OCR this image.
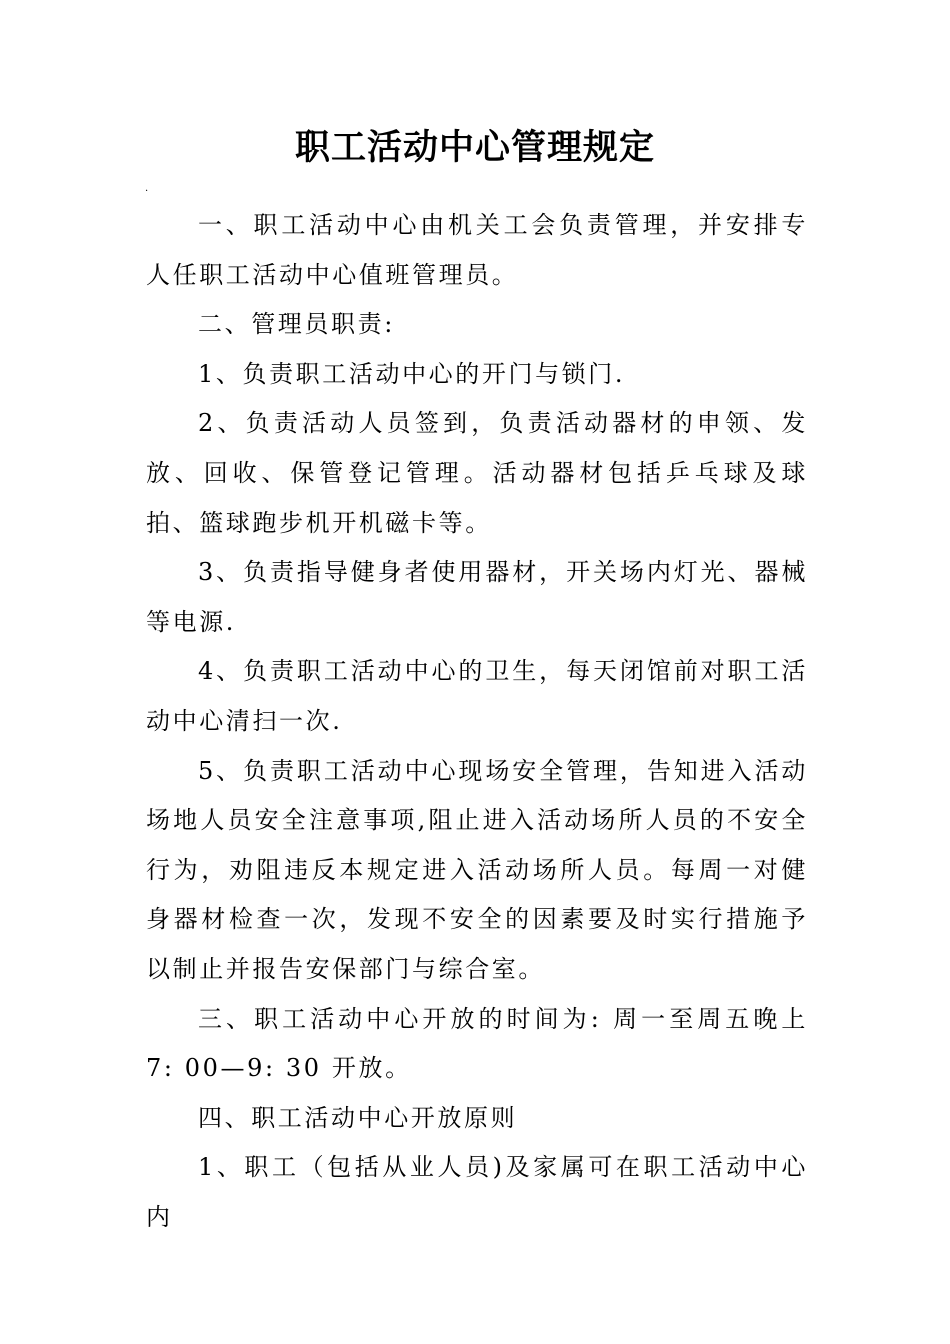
职工活动中心管理规定
.

一、职工活动中心由机关工会负责管理，并安排专人任职工活动中心值班管理员。

二、管理员职责:

1、负责职工活动中心的开门与锁门.

2、负责活动人员签到，负责活动器材的申领、发放、回收、保管登记管理。活动器材包括乒乓球及球拍、篮球跑步机开机磁卡等。

3、负责指导健身者使用器材，开关场内灯光、器械等电源.

4、负责职工活动中心的卫生，每天闭馆前对职工活动中心清扫一次.

5、负责职工活动中心现场安全管理，告知进入活动场地人员安全注意事项,阻止进入活动场所人员的不安全行为，劝阻违反本规定进入活动场所人员。每周一对健身器材检查一次，发现不安全的因素要及时实行措施予以制止并报告安保部门与综合室。

三、职工活动中心开放的时间为: 周一至周五晚上 7: 00—9: 30 开放。

四、职工活动中心开放原则

1、职工（包括从业人员)及家属可在职工活动中心内
